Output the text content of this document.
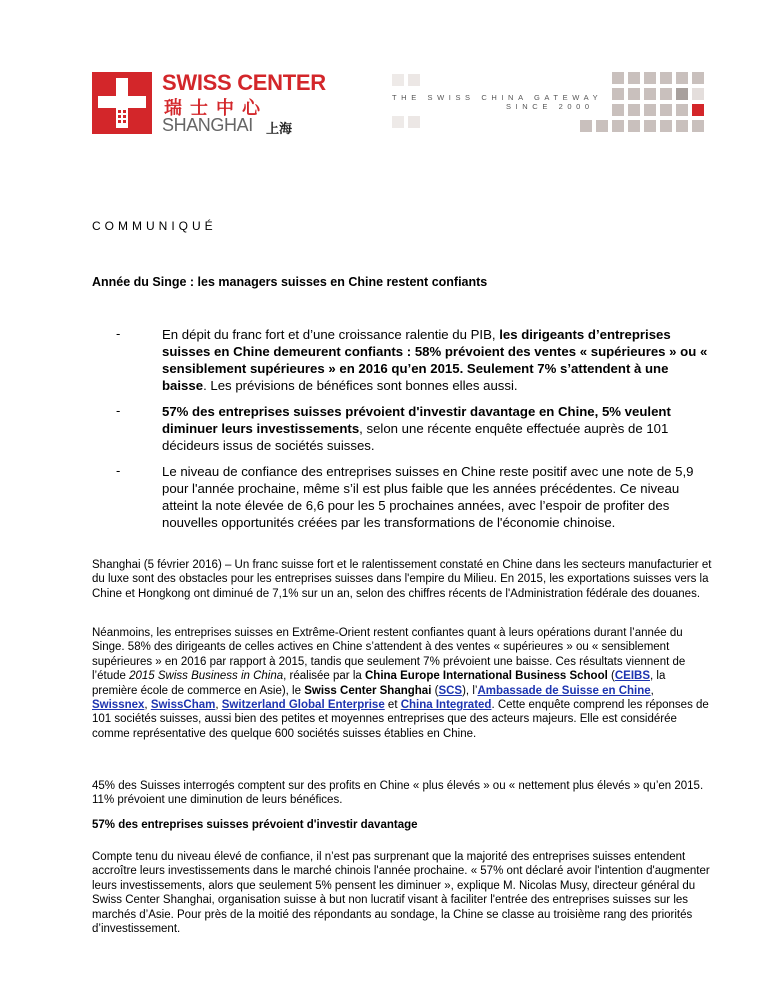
SWISS CENTER
瑞士中心
SHANGHAI 上海
THE SWISS CHINA GATEWAY
SINCE 2000
COMMUNIQUÉ
Année du Singe : les managers suisses en Chine restent confiants
-	En dépit du franc fort et d’une croissance ralentie du PIB, les dirigeants d’entreprises suisses en Chine demeurent confiants : 58% prévoient des ventes « supérieures » ou « sensiblement supérieures » en 2016 qu’en 2015. Seulement 7% s’attendent à une baisse. Les prévisions de bénéfices sont bonnes elles aussi.
-	57% des entreprises suisses prévoient d'investir davantage en Chine, 5% veulent diminuer leurs investissements, selon une récente enquête effectuée auprès de 101 décideurs issus de sociétés suisses.
-	Le niveau de confiance des entreprises suisses en Chine reste positif avec une note de 5,9 pour l'année prochaine, même s’il est plus faible que les années précédentes. Ce niveau atteint la note élevée de 6,6 pour les 5 prochaines années, avec l’espoir de profiter des nouvelles opportunités créées par les transformations de l'économie chinoise.
Shanghai (5 février 2016) – Un franc suisse fort et le ralentissement constaté en Chine dans les secteurs manufacturier et du luxe sont des obstacles pour les entreprises suisses dans l'empire du Milieu. En 2015, les exportations suisses vers la Chine et Hongkong ont diminué de 7,1% sur un an, selon des chiffres récents de l'Administration fédérale des douanes.
Néanmoins, les entreprises suisses en Extrême-Orient restent confiantes quant à leurs opérations durant l’année du Singe. 58% des dirigeants de celles actives en Chine s’attendent à des ventes « supérieures » ou « sensiblement supérieures » en 2016 par rapport à 2015, tandis que seulement 7% prévoient une baisse. Ces résultats viennent de l’étude 2015 Swiss Business in China, réalisée par la China Europe International Business School (CEIBS, la première école de commerce en Asie), le Swiss Center Shanghai (SCS), l’Ambassade de Suisse en Chine, Swissnex, SwissCham, Switzerland Global Enterprise et China Integrated. Cette enquête comprend les réponses de 101 sociétés suisses, aussi bien des petites et moyennes entreprises que des acteurs majeurs. Elle est considérée comme représentative des quelque 600 sociétés suisses établies en Chine.
45% des Suisses interrogés comptent sur des profits en Chine « plus élevés » ou « nettement plus élevés » qu’en 2015. 11% prévoient une diminution de leurs bénéfices.
57% des entreprises suisses prévoient d'investir davantage
Compte tenu du niveau élevé de confiance, il n’est pas surprenant que la majorité des entreprises suisses entendent accroître leurs investissements dans le marché chinois l'année prochaine. « 57% ont déclaré avoir l'intention d'augmenter leurs investissements, alors que seulement 5% pensent les diminuer », explique M. Nicolas Musy, directeur général du Swiss Center Shanghai, organisation suisse à but non lucratif visant à faciliter l'entrée des entreprises suisses sur les marchés d’Asie. Pour près de la moitié des répondants au sondage, la Chine se classe au troisième rang des priorités d’investissement.
